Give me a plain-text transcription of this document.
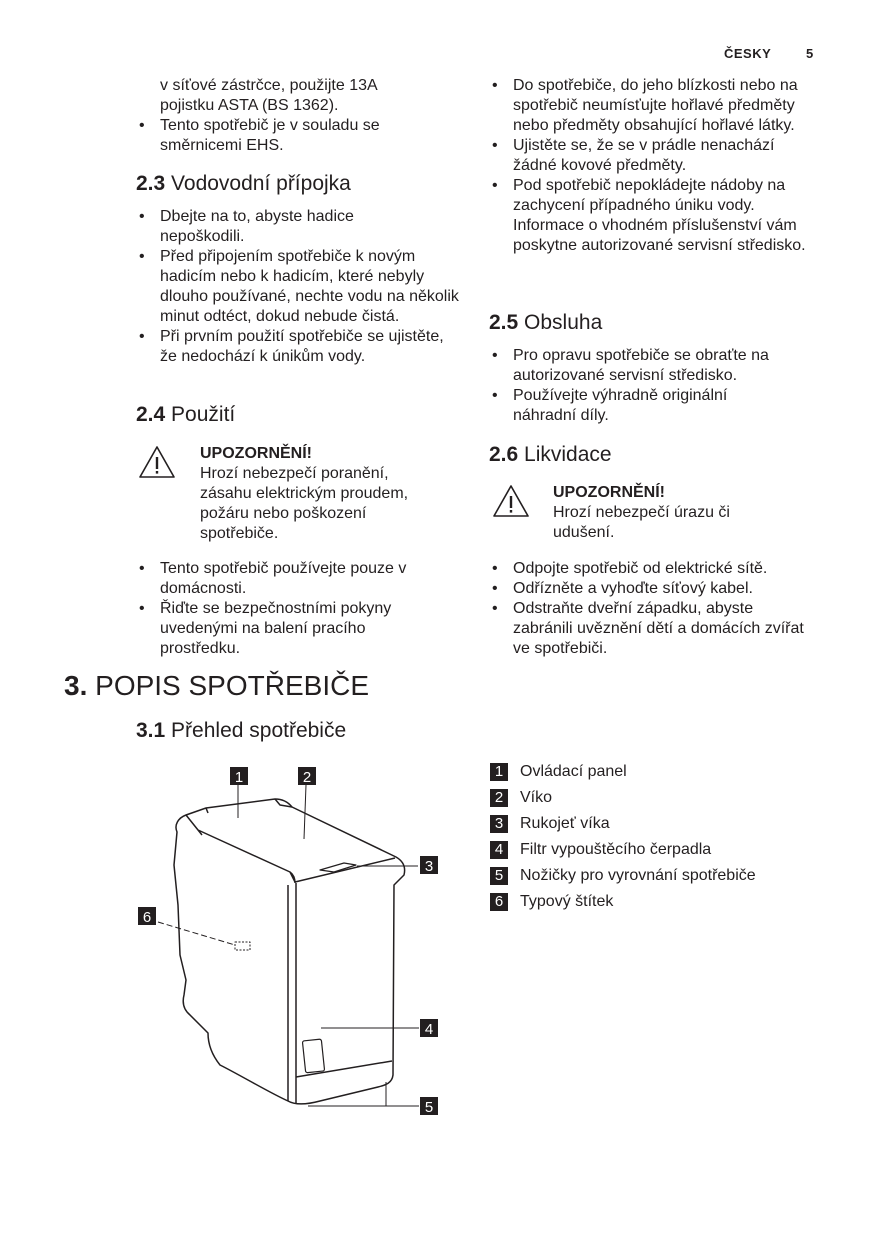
ČESKY	5
v síťové zástrčce, použijte 13A
pojistku ASTA (BS 1362).
• Tento spotřebič je v souladu se směrnicemi EHS.
2.3 Vodovodní přípojka
• Dbejte na to, abyste hadice nepoškodili.
• Před připojením spotřebiče k novým hadicím nebo k hadicím, které nebyly dlouho používané, nechte vodu na několik minut odtéct, dokud nebude čistá.
• Při prvním použití spotřebiče se ujistěte, že nedochází k únikům vody.
2.4 Použití
UPOZORNĚNÍ!
Hrozí nebezpečí poranění, zásahu elektrickým proudem, požáru nebo poškození spotřebiče.
• Tento spotřebič používejte pouze v domácnosti.
• Řiďte se bezpečnostními pokyny uvedenými na balení pracího prostředku.
• Do spotřebiče, do jeho blízkosti nebo na spotřebič neumísťujte hořlavé předměty nebo předměty obsahující hořlavé látky.
• Ujistěte se, že se v prádle nenachází žádné kovové předměty.
• Pod spotřebič nepokládejte nádoby na zachycení případného úniku vody. Informace o vhodném příslušenství vám poskytne autorizované servisní středisko.
2.5 Obsluha
• Pro opravu spotřebiče se obraťte na autorizované servisní středisko.
• Používejte výhradně originální náhradní díly.
2.6 Likvidace
UPOZORNĚNÍ!
Hrozí nebezpečí úrazu či udušení.
• Odpojte spotřebič od elektrické sítě.
• Odřízněte a vyhoďte síťový kabel.
• Odstraňte dveřní západku, abyste zabránili uvěznění dětí a domácích zvířat ve spotřebiči.
3. POPIS SPOTŘEBIČE
3.1 Přehled spotřebiče
1	2
3
4
5
6
1	Ovládací panel
2	Víko
3	Rukojeť víka
4	Filtr vypouštěcího čerpadla
5	Nožičky pro vyrovnání spotřebiče
6	Typový štítek
